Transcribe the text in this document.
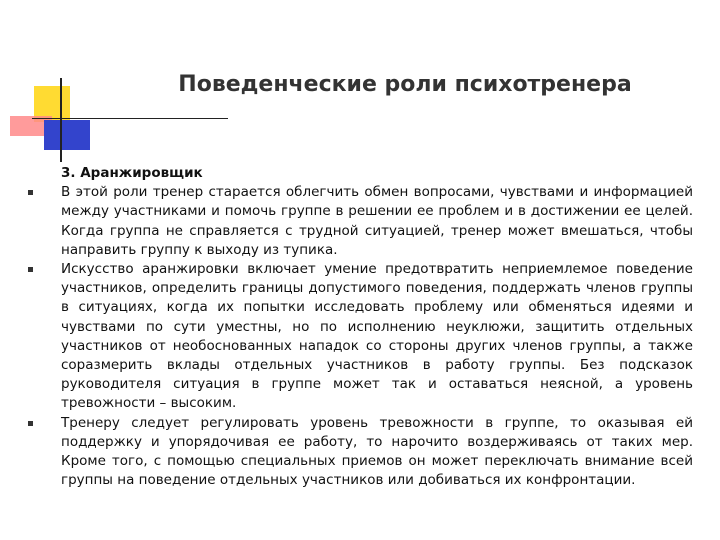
Поведенческие роли психотренера

3. Аранжировщик

В этой роли тренер старается облегчить обмен вопросами, чувствами и информацией между участниками и помочь группе в решении ее проблем и в достижении ее целей. Когда группа не справляется с трудной ситуацией, тренер может вмешаться, чтобы направить группу к выходу из тупика.
Искусство аранжировки включает умение предотвратить неприемлемое поведение участников, определить границы допустимого поведения, поддержать членов группы в ситуациях, когда их попытки исследовать проблему или обменяться идеями и чувствами по сути уместны, но по исполнению неуклюжи, защитить отдельных участников от необоснованных нападок со стороны других членов группы, а также соразмерить вклады отдельных участников в работу группы. Без подсказок руководителя ситуация в группе может так и оставаться неясной, а уровень тревожности – высоким.
Тренеру следует регулировать уровень тревожности в группе, то оказывая ей поддержку и упорядочивая ее работу, то нарочито воздерживаясь от таких мер. Кроме того, с помощью специальных приемов он может переключать внимание всей группы на поведение отдельных участников или добиваться их конфронтации.
